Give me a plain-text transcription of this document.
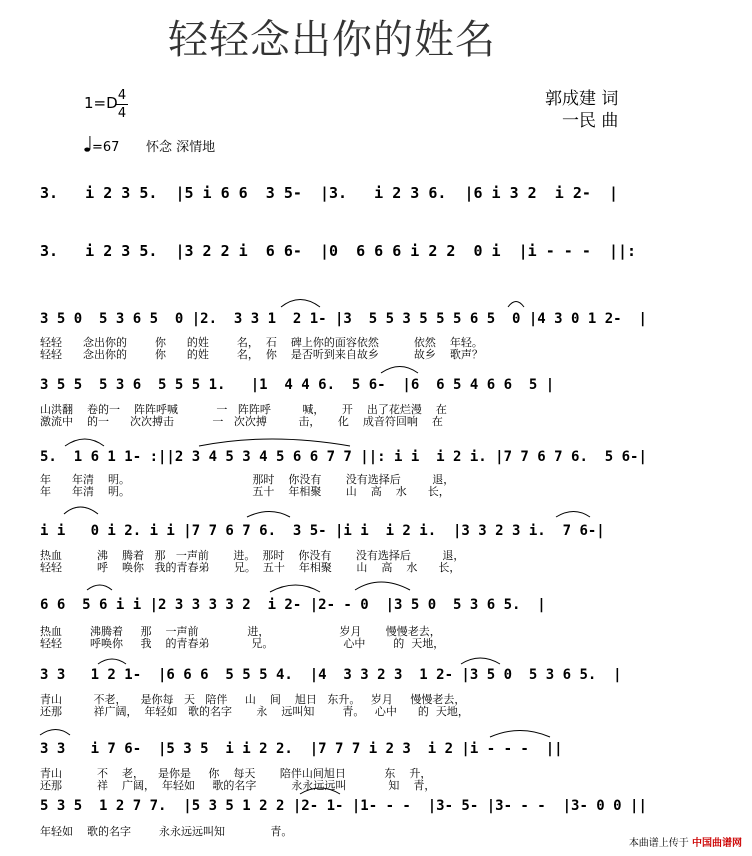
轻轻念出你的姓名
1=D 4
4
=67 怀念 深情地
郭成建 词
一民 曲
3.   i 2 3 5.  |5 i 6 6  3 5-  |3.   i 2 3 6.  |6 i 3 2  i 2-  |
3.   i 2 3 5.  |3 2 2 i  6 6-  |0  6 6 6 i 2 2  0 i  |i - - -  ||:
3 5 0  5 3 6 5  0 |2.  3 3 1  2 1- |3  5 5 3 5 5 5 6 5  0 |4 3 0 1 2-  |
3 5 5  5 3 6  5 5 5 1.   |1  4 4 6.  5 6-  |6  6 5 4 6 6  5 |
5.  1 6 1 1- :||2 3 4 5 3 4 5 6 6 7 7 ||: i i  i 2 i. |7 7 6 7 6.  5 6-|
i i   0 i 2. i i |7 7 6 7 6.  3 5- |i i  i 2 i.  |3 3 2 3 i.  7 6-|
6 6  5 6 i i |2 3 3 3 3 2  i 2- |2- - 0  |3 5 0  5 3 6 5.  |
3 3   1 2 1-  |6 6 6  5 5 5 4.  |4  3 3 2 3  1 2- |3 5 0  5 3 6 5.  |
3 3   i 7 6-  |5 3 5  i i 2 2.  |7 7 7 i 2 3  i 2 |i - - -  ||
5 3 5  1 2 7 7.  |5 3 5 1 2 2 |2- 1- |1- - -  |3- 5- |3- - -  |3- 0 0 ||
轻轻      念出你的        你      的姓        名，  石    碑上你的面容依然          依然    年轻。
轻轻      念出你的        你      的姓        名，  你    是否听到来自故乡          故乡    歌声？
山洪翻    卷的一    阵阵呼喊           一   阵阵呼         喊，     开    出了花烂漫    在
激流中    的一      次次搏击           一   次次搏         击，     化    成音符回响    在
年      年清    明。                                   那时    你没有       没有选择后         退，
年      年清    明。                                   五十    年相聚       山    高    水      长，
热血          沸    腾着   那   一声前       进。  那时    你没有       没有选择后         退，
轻轻          呼    唤你   我的青春弟       兄。  五十    年相聚       山    高    水      长，
热血        沸腾着     那    一声前              进，                    岁月       慢慢老去，
轻轻        呼唤你     我    的青春弟            兄。                    心中        的  天地，
青山         不老，    是你每   天   陪伴     山    间    旭日   东升。   岁月     慢慢老去，
还那         祥广阔，  年轻如   歌的名字       永    远叫知        青。   心中      的  天地，
青山          不    老，    是你是     你    每天       陪伴山间旭日           东    升，
还那          祥    广阔，  年轻如     歌的名字          永永远远叫            知    青，
年轻如    歌的名字        永永远远叫知             青。
本曲谱上传于 中国曲谱网
